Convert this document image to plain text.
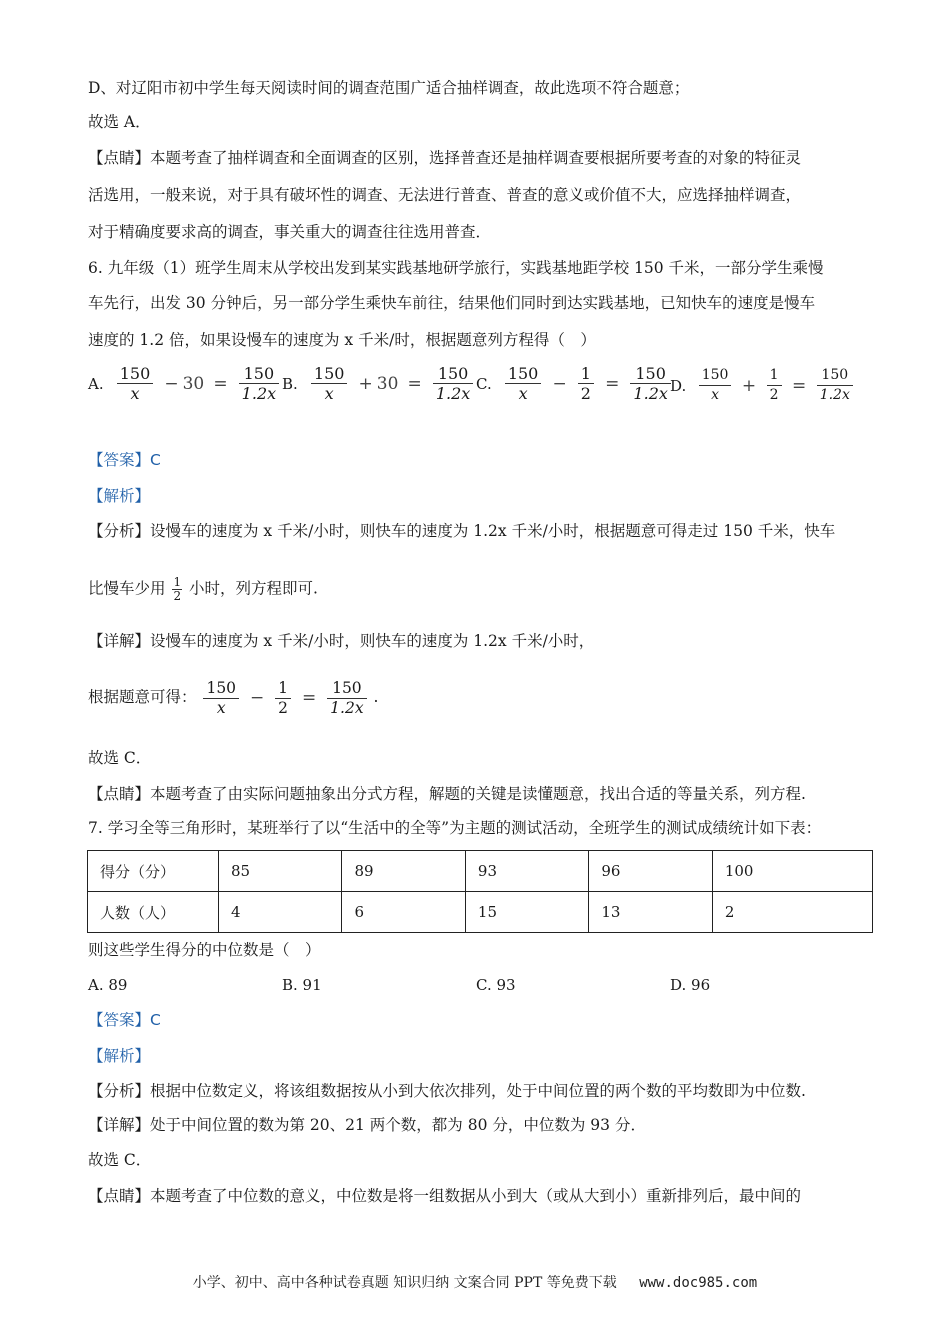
D、对辽阳市初中学生每天阅读时间的调查范围广适合抽样调查，故此选项不符合题意；
故选 A．
【点睛】本题考查了抽样调查和全面调查的区别，选择普查还是抽样调查要根据所要考查的对象的特征灵
活选用，一般来说，对于具有破坏性的调查、无法进行普查、普查的意义或价值不大，应选择抽样调查，
对于精确度要求高的调查，事关重大的调查往往选用普查．
6. 九年级（1）班学生周末从学校出发到某实践基地研学旅行，实践基地距学校 150 千米，一部分学生乘慢
车先行，出发 30 分钟后，另一部分学生乘快车前往，结果他们同时到达实践基地，已知快车的速度是慢车
速度的 1.2 倍，如果设慢车的速度为 x 千米/时，根据题意列方程得（　）
A. $\frac{150}{x} - 30 = \frac{150}{1.2x} B$. $\frac{150}{x} + 30 = \frac{150}{1.2x} C$. $\frac{150}{x} - \frac{1}{2} = \frac{150}{1.2x} D$. $\frac{150}{x} + \frac{1}{2} = \frac{150}{1.2x}$
【答案】C
【解析】
【分析】设慢车的速度为 x 千米/小时，则快车的速度为 1.2x 千米/小时，根据题意可得走过 150 千米，快车
比慢车少用 $\frac{1}{2}$ 小时，列方程即可.
【详解】设慢车的速度为 x 千米/小时，则快车的速度为 1.2x 千米/小时，
根据题意可得： $\frac{150}{x} - \frac{1}{2} = \frac{150}{1.2x}$ .
故选 C．
【点睛】本题考查了由实际问题抽象出分式方程，解题的关键是读懂题意，找出合适的等量关系，列方程.
7. 学习全等三角形时，某班举行了以“生活中的全等”为主题的测试活动，全班学生的测试成绩统计如下表：
得分（分）	85	89	93	96	100
人数（人）	4	6	15	13	2
则这些学生得分的中位数是（　）
A. 89	B. 91	C. 93	D. 96
【答案】C
【解析】
【分析】根据中位数定义，将该组数据按从小到大依次排列，处于中间位置的两个数的平均数即为中位数.
【详解】处于中间位置的数为第 20、21 两个数，都为 80 分，中位数为 93 分．
故选 C．
【点睛】本题考查了中位数的意义，中位数是将一组数据从小到大（或从大到小）重新排列后，最中间的
小学、初中、高中各种试卷真题 知识归纳 文案合同 PPT 等免费下载 www.doc985.com
